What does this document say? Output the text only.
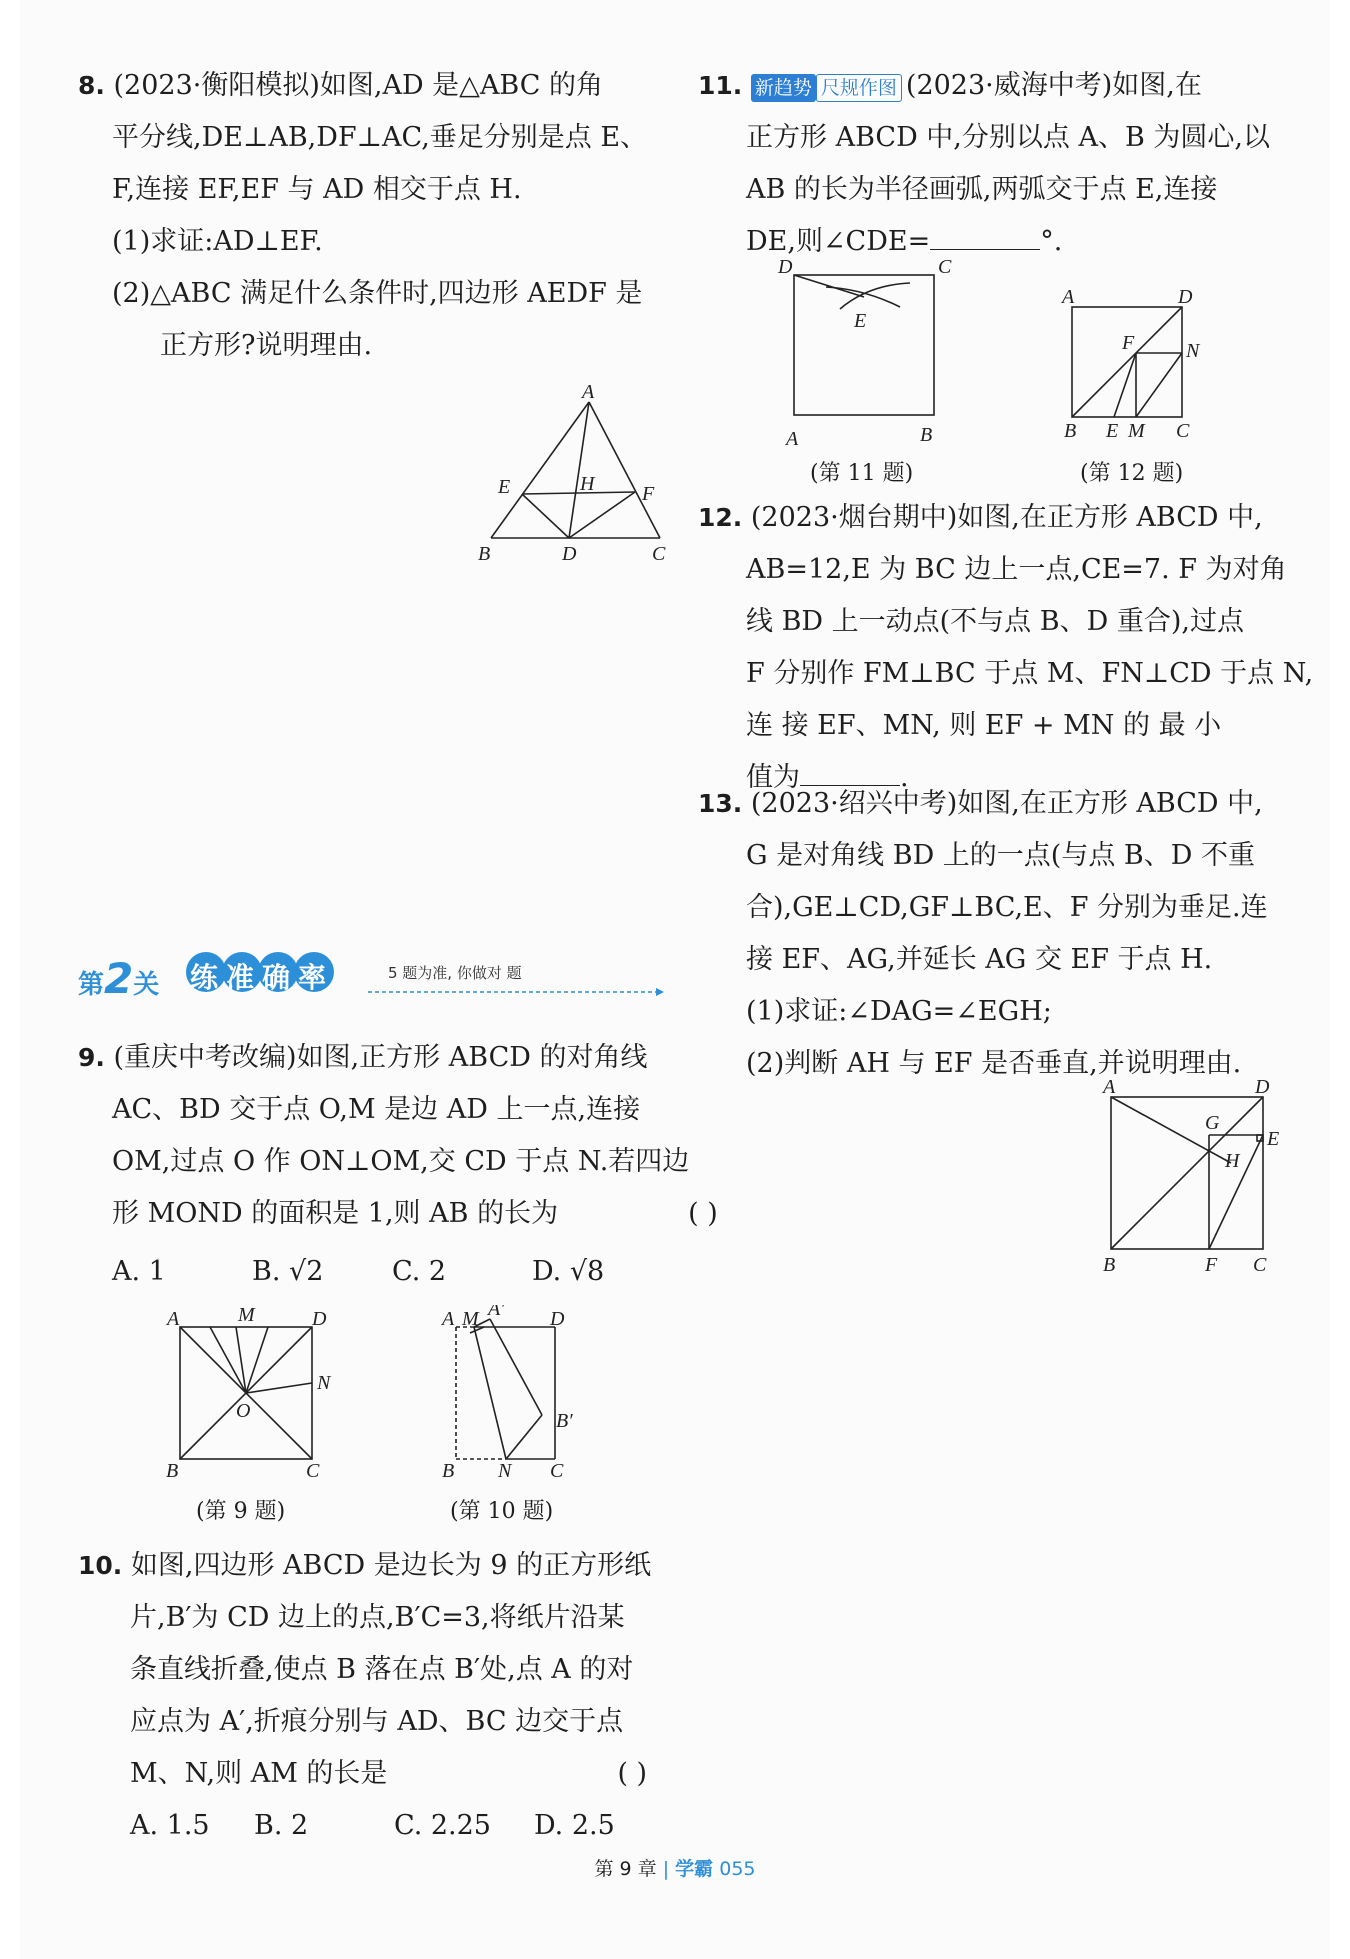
8. (2023·衡阳模拟)如图,AD 是△ABC 的角
平分线,DE⊥AB,DF⊥AC,垂足分别是点 E、
F,连接 EF,EF 与 AD 相交于点 H.
(1)求证:AD⊥EF.
(2)△ABC 满足什么条件时,四边形 AEDF 是
正方形?说明理由.
A
B	C
D
E	F
H
第2关 练准确率	5 题为准, 你做对 题
9. (重庆中考改编)如图,正方形 ABCD 的对角线
AC、BD 交于点 O,M 是边 AD 上一点,连接
OM,过点 O 作 ON⊥OM,交 CD 于点 N.若四边
形 MOND 的面积是 1,则 AB 的长为	( )
A. 1	B. √2	C. 2	D. √8
A	M	D
N
O
B	C
(第 9 题)
A M A′ D
B′
B N C
(第 10 题)
10. 如图,四边形 ABCD 是边长为 9 的正方形纸
片,B′为 CD 边上的点,B′C=3,将纸片沿某
条直线折叠,使点 B 落在点 B′处,点 A 的对
应点为 A′,折痕分别与 AD、BC 边交于点
M、N,则 AM 的长是	( )
A. 1.5	B. 2	C. 2.25	D. 2.5
11. 新趋势 尺规作图 (2023·威海中考)如图,在
正方形 ABCD 中,分别以点 A、B 为圆心,以
AB 的长为半径画弧,两弧交于点 E,连接
DE,则∠CDE=	°.
D	C
E
A	B
(第 11 题)
A	D
F	N
B E M C
(第 12 题)
12. (2023·烟台期中)如图,在正方形 ABCD 中,
AB=12,E 为 BC 边上一点,CE=7. F 为对角
线 BD 上一动点(不与点 B、D 重合),过点
F 分别作 FM⊥BC 于点 M、FN⊥CD 于点 N,
连 接 EF、MN, 则 EF + MN 的 最 小
值为	.
13. (2023·绍兴中考)如图,在正方形 ABCD 中,
G 是对角线 BD 上的一点(与点 B、D 不重
合),GE⊥CD,GF⊥BC,E、F 分别为垂足.连
接 EF、AG,并延长 AG 交 EF 于点 H.
(1)求证:∠DAG=∠EGH;
(2)判断 AH 与 EF 是否垂直,并说明理由.
A	D
G
E
H
B	F C
第 9 章 | 学霸 055
